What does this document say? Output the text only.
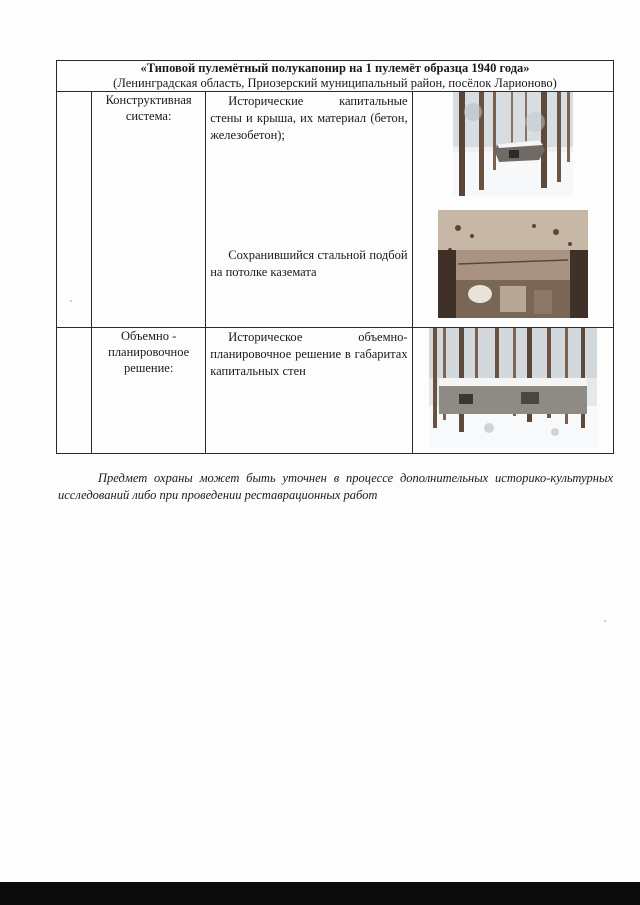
«Типовой пулемётный полукапонир на 1 пулемёт образца 1940 года»
(Ленинградская область, Приозерский муниципальный район, посёлок Ларионово)			

	Конструктивная система:	Исторические капитальные стены и крыша, их материал (бетон, железобетон);
Сохранившийся стальной подбой на потолке каземата

	Объемно - планировочное решение:	Историческое объемно-планировочное решение в габаритах капитальных стен

Предмет охраны может быть уточнен в процессе дополнительных историко-культурных исследований либо при проведении реставрационных работ
